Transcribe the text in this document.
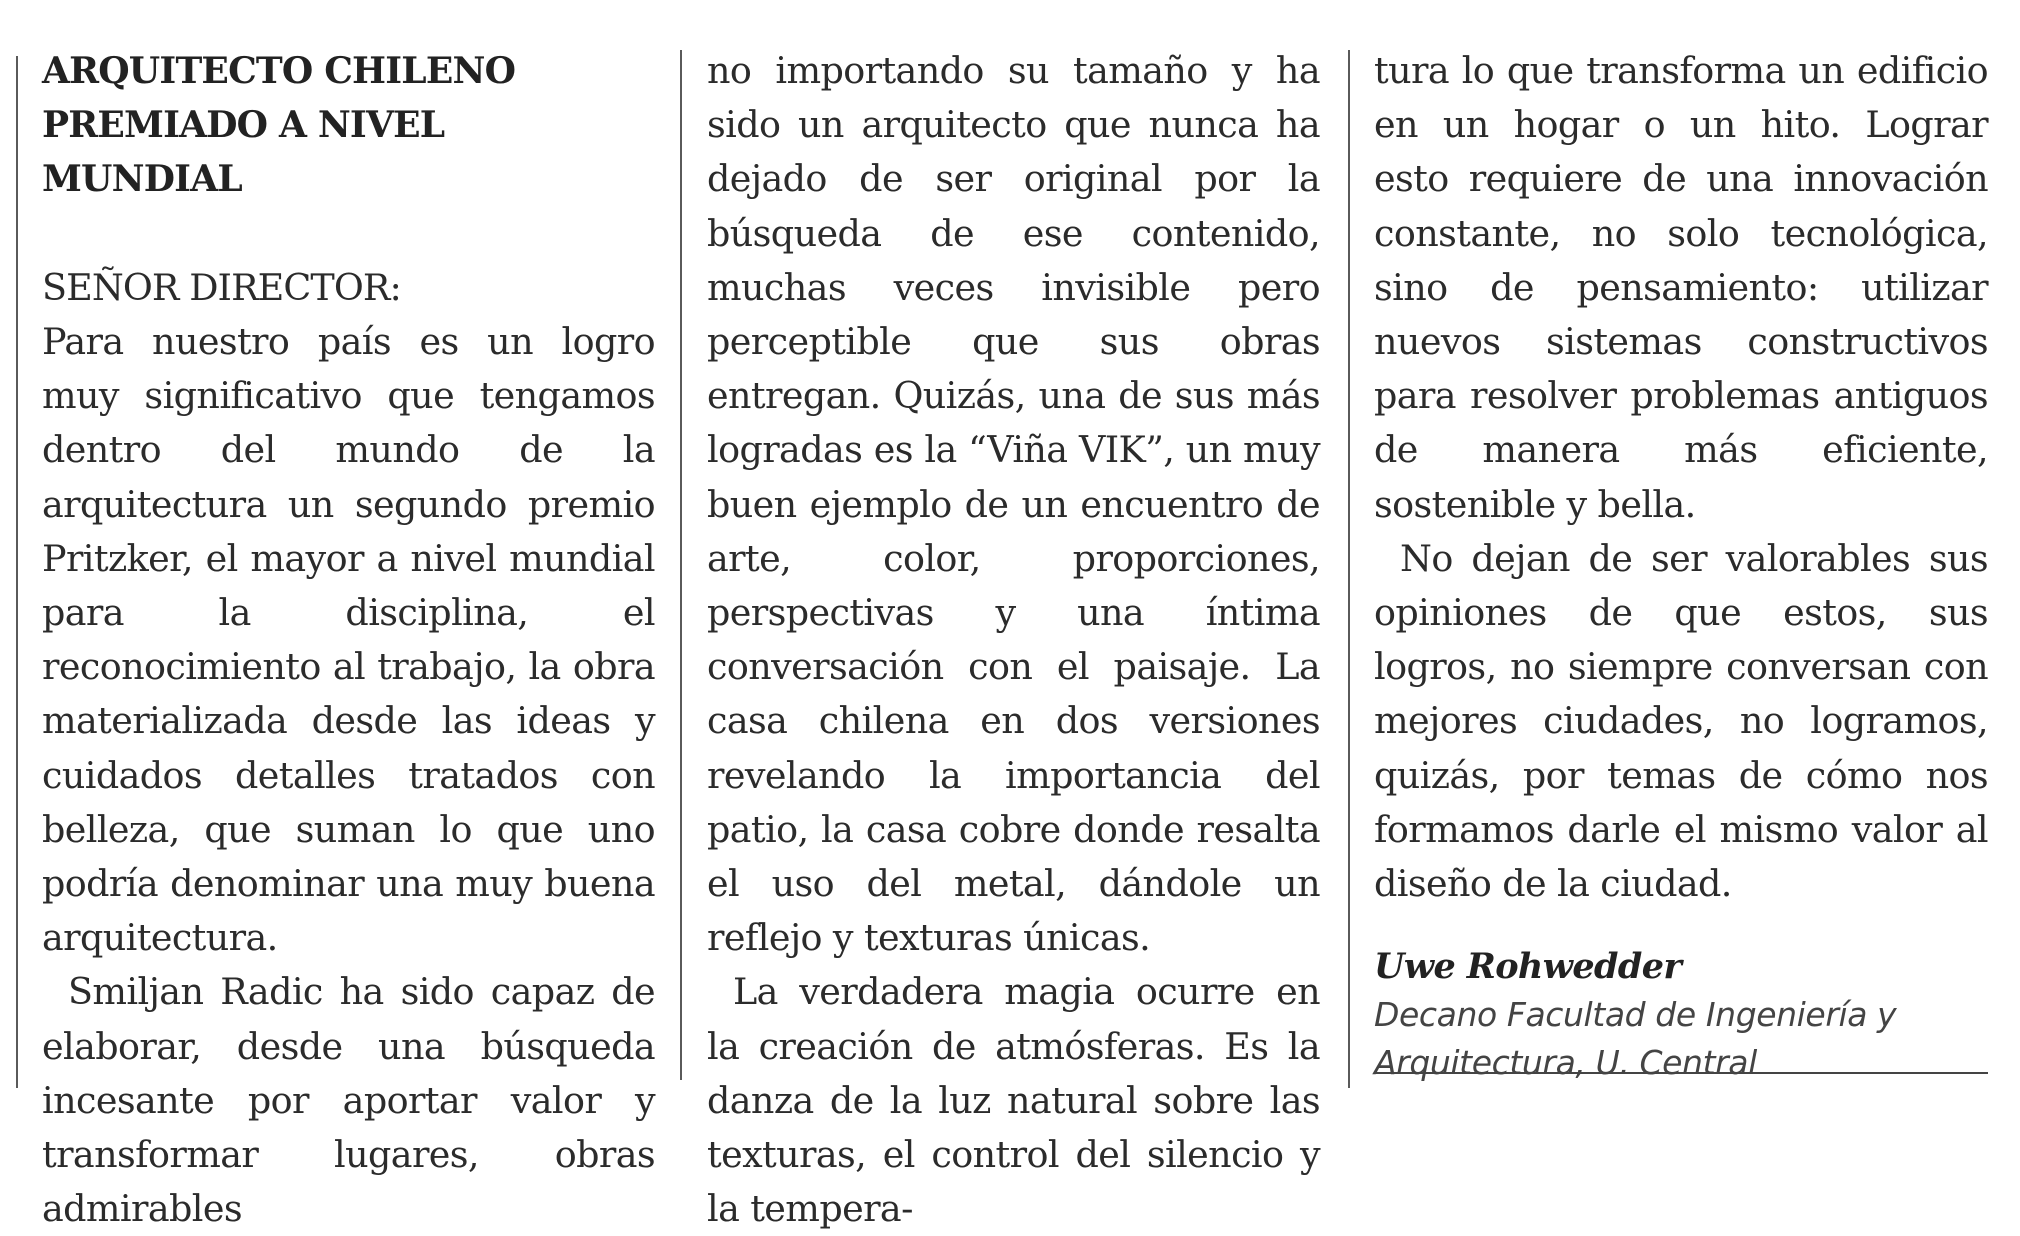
ARQUITECTO CHILENO
PREMIADO A NIVEL MUNDIAL
SEÑOR DIRECTOR:

Para nuestro país es un logro muy significativo que tengamos dentro del mundo de la arquitectura un segundo premio Pritzker, el mayor a nivel mundial para la disciplina, el reconocimiento al trabajo, la obra materializada desde las ideas y cuidados detalles tratados con belleza, que suman lo que uno podría denominar una muy buena arquitectura.

Smiljan Radic ha sido capaz de elaborar, desde una búsqueda incesante por aportar valor y transformar lugares, obras admirables

no importando su tamaño y ha sido un arquitecto que nunca ha dejado de ser original por la búsqueda de ese contenido, muchas veces invisible pero perceptible que sus obras entregan. Quizás, una de sus más logradas es la “Viña VIK”, un muy buen ejemplo de un encuentro de arte, color, proporciones, perspectivas y una íntima conversación con el paisaje. La casa chilena en dos versiones revelando la importancia del patio, la casa cobre donde resalta el uso del metal, dándole un reflejo y texturas únicas.

La verdadera magia ocurre en la creación de atmósferas. Es la danza de la luz natural sobre las texturas, el control del silencio y la tempera-

tura lo que transforma un edificio en un hogar o un hito. Lograr esto requiere de una innovación constante, no solo tecnológica, sino de pensamiento: utilizar nuevos sistemas constructivos para resolver problemas antiguos de manera más eficiente, sostenible y bella.

No dejan de ser valorables sus opiniones de que estos, sus logros, no siempre conversan con mejores ciudades, no logramos, quizás, por temas de cómo nos formamos darle el mismo valor al diseño de la ciudad.

Uwe Rohwedder
Decano Facultad de Ingeniería y
Arquitectura, U. Central
